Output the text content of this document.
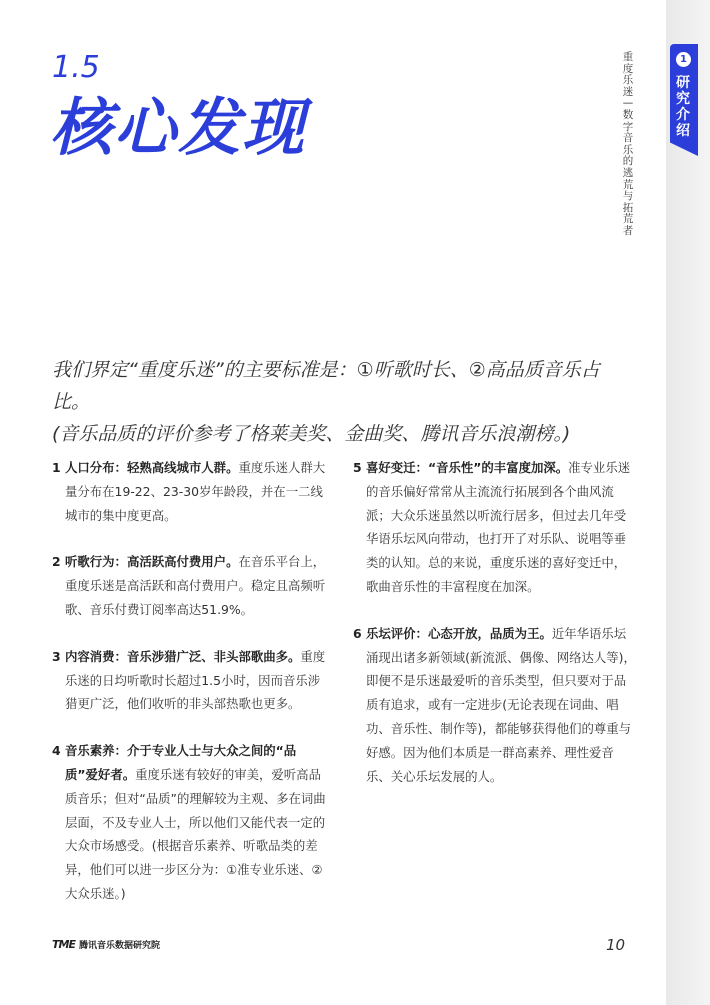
1.5
核心发现
重度乐迷—数字音乐的逃荒与拓荒者
1
研究介绍
我们界定“重度乐迷”的主要标准是：①听歌时长、②高品质音乐占比。
(音乐品质的评价参考了格莱美奖、金曲奖、腾讯音乐浪潮榜。)
1 人口分布：轻熟高线城市人群。重度乐迷人群大量分布在19-22、23-30岁年龄段，并在一二线城市的集中度更高。
2 听歌行为：高活跃高付费用户。在音乐平台上，重度乐迷是高活跃和高付费用户。稳定且高频听歌、音乐付费订阅率高达51.9%。
3 内容消费：音乐涉猎广泛、非头部歌曲多。重度乐迷的日均听歌时长超过1.5小时，因而音乐涉猎更广泛，他们收听的非头部热歌也更多。
4 音乐素养：介于专业人士与大众之间的“品质”爱好者。重度乐迷有较好的审美，爱听高品质音乐；但对“品质”的理解较为主观、多在词曲层面，不及专业人士，所以他们又能代表一定的大众市场感受。(根据音乐素养、听歌品类的差异，他们可以进一步区分为：①准专业乐迷、②大众乐迷。)
5 喜好变迁：“音乐性”的丰富度加深。准专业乐迷的音乐偏好常常从主流流行拓展到各个曲风流派；大众乐迷虽然以听流行居多，但过去几年受华语乐坛风向带动，也打开了对乐队、说唱等垂类的认知。总的来说，重度乐迷的喜好变迁中，歌曲音乐性的丰富程度在加深。
6 乐坛评价：心态开放，品质为王。近年华语乐坛涌现出诸多新领域(新流派、偶像、网络达人等)，即便不是乐迷最爱听的音乐类型，但只要对于品质有追求，或有一定进步(无论表现在词曲、唱功、音乐性、制作等)，都能够获得他们的尊重与好感。因为他们本质是一群高素养、理性爱音乐、关心乐坛发展的人。
TME 腾讯音乐数据研究院	10
